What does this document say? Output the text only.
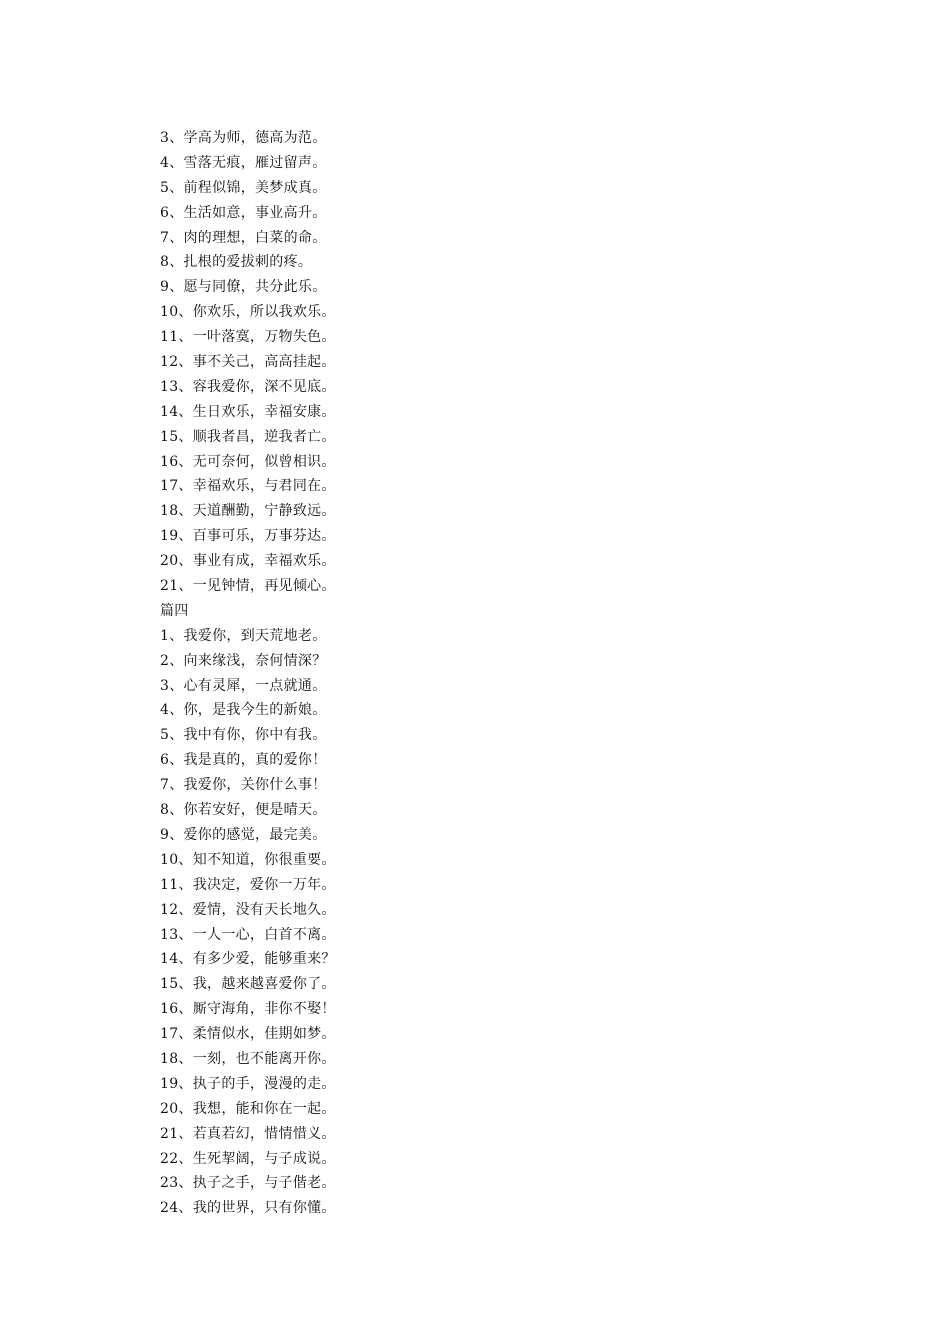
3、学高为师，德高为范。
4、雪落无痕，雁过留声。
5、前程似锦，美梦成真。
6、生活如意，事业高升。
7、肉的理想，白菜的命。
8、扎根的爱拔刺的疼。
9、愿与同僚，共分此乐。
10、你欢乐，所以我欢乐。
11、一叶落寞，万物失色。
12、事不关己，高高挂起。
13、容我爱你，深不见底。
14、生日欢乐，幸福安康。
15、顺我者昌，逆我者亡。
16、无可奈何，似曾相识。
17、幸福欢乐，与君同在。
18、天道酬勤，宁静致远。
19、百事可乐，万事芬达。
20、事业有成，幸福欢乐。
21、一见钟情，再见倾心。
篇四
1、我爱你，到天荒地老。
2、向来缘浅，奈何情深？
3、心有灵犀，一点就通。
4、你，是我今生的新娘。
5、我中有你，你中有我。
6、我是真的，真的爱你！
7、我爱你，关你什么事！
8、你若安好，便是晴天。
9、爱你的感觉，最完美。
10、知不知道，你很重要。
11、我决定，爱你一万年。
12、爱情，没有天长地久。
13、一人一心，白首不离。
14、有多少爱，能够重来？
15、我，越来越喜爱你了。
16、厮守海角，非你不娶！
17、柔情似水，佳期如梦。
18、一刻，也不能离开你。
19、执子的手，漫漫的走。
20、我想，能和你在一起。
21、若真若幻，惜情惜义。
22、生死挈阔，与子成说。
23、执子之手，与子偕老。
24、我的世界，只有你懂。
